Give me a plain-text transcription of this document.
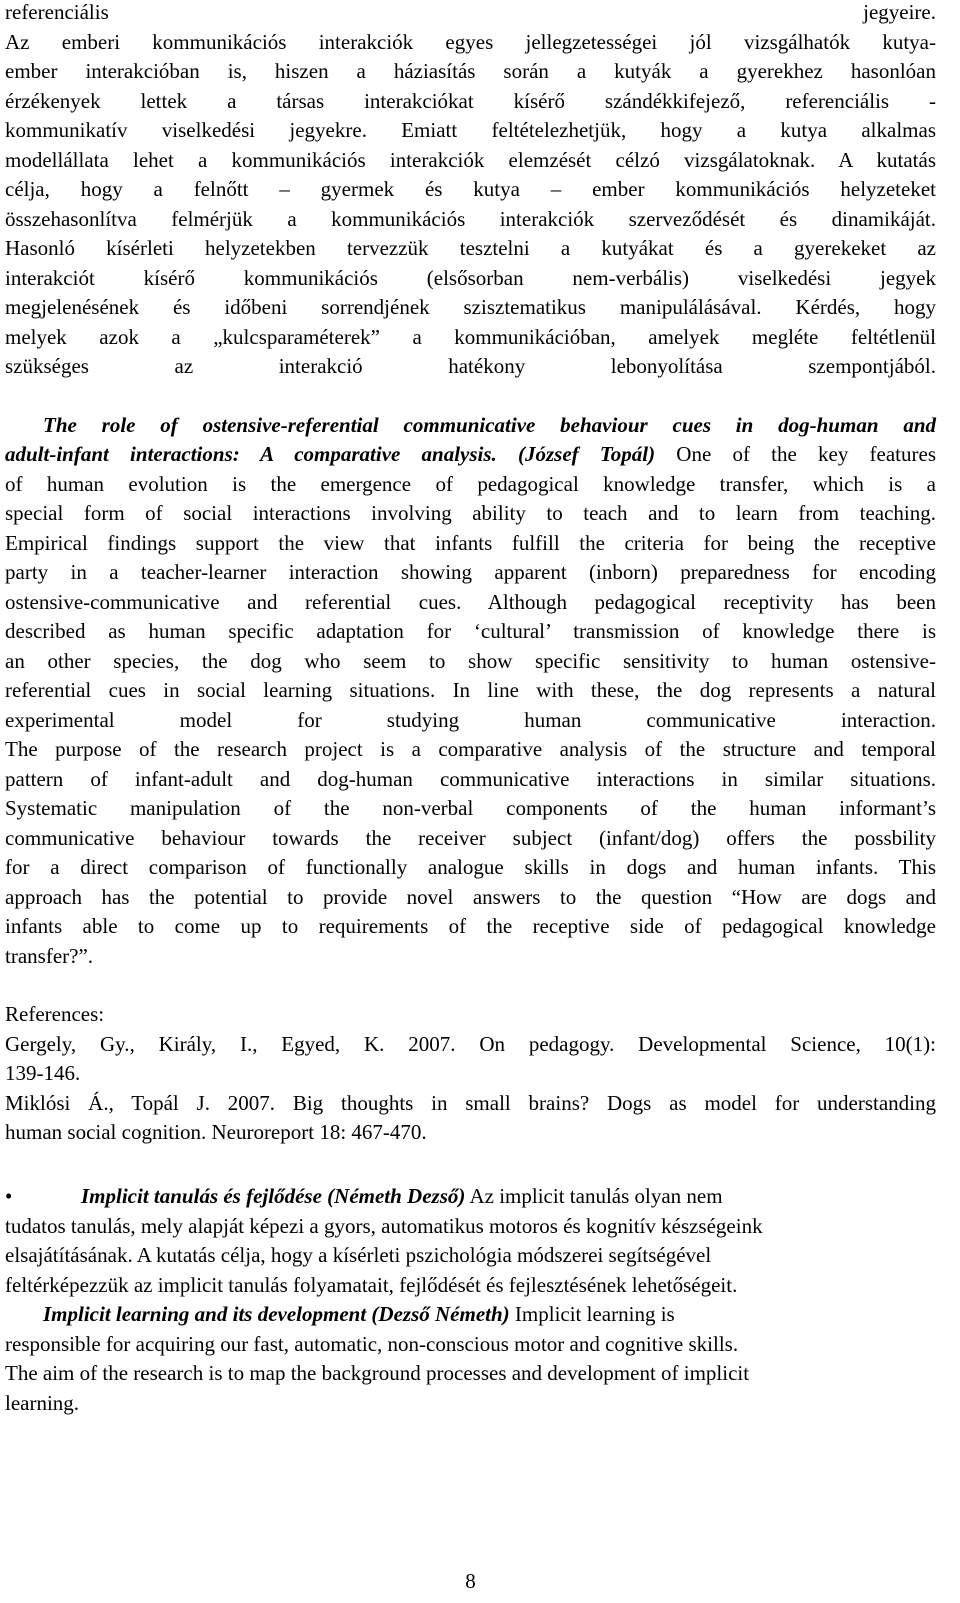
referenciális jegyeire.
Az emberi kommunikációs interakciók egyes jellegzetességei jól vizsgálhatók kutya-
ember interakcióban is, hiszen a háziasítás során a kutyák a gyerekhez hasonlóan
érzékenyek lettek a társas interakciókat kísérő szándékkifejező, referenciális -
kommunikatív viselkedési jegyekre. Emiatt feltételezhetjük, hogy a kutya alkalmas
modellállata lehet a kommunikációs interakciók elemzését célzó vizsgálatoknak. A kutatás
célja, hogy a felnőtt – gyermek és kutya – ember kommunikációs helyzeteket
összehasonlítva felmérjük a kommunikációs interakciók szerveződését és dinamikáját.
Hasonló kísérleti helyzetekben tervezzük tesztelni a kutyákat és a gyerekeket az
interakciót kísérő kommunikációs (elsősorban nem-verbális) viselkedési jegyek
megjelenésének és időbeni sorrendjének szisztematikus manipulálásával. Kérdés, hogy
melyek azok a „kulcsparaméterek” a kommunikációban, amelyek megléte feltétlenül
szükséges az interakció hatékony lebonyolítása szempontjából.
The role of ostensive-referential communicative behaviour cues in dog-human and
adult-infant interactions: A comparative analysis. (József Topál) One of the key features
of human evolution is the emergence of pedagogical knowledge transfer, which is a
special form of social interactions involving ability to teach and to learn from teaching.
Empirical findings support the view that infants fulfill the criteria for being the receptive
party in a teacher-learner interaction showing apparent (inborn) preparedness for encoding
ostensive-communicative and referential cues. Although pedagogical receptivity has been
described as human specific adaptation for ‘cultural’ transmission of knowledge there is
an other species, the dog who seem to show specific sensitivity to human ostensive-
referential cues in social learning situations. In line with these, the dog represents a natural
experimental model for studying human communicative interaction.
The purpose of the research project is a comparative analysis of the structure and temporal
pattern of infant-adult and dog-human communicative interactions in similar situations.
Systematic manipulation of the non-verbal components of the human informant’s
communicative behaviour towards the receiver subject (infant/dog) offers the possbility
for a direct comparison of functionally analogue skills in dogs and human infants. This
approach has the potential to provide novel answers to the question “How are dogs and
infants able to come up to requirements of the receptive side of pedagogical knowledge
transfer?”.
References:
Gergely, Gy., Király, I., Egyed, K. 2007. On pedagogy. Developmental Science, 10(1):
139-146.
Miklósi Á., Topál J. 2007. Big thoughts in small brains? Dogs as model for understanding
human social cognition. Neuroreport 18: 467-470.
•	Implicit tanulás és fejlődése (Németh Dezső) Az implicit tanulás olyan nem
tudatos tanulás, mely alapját képezi a gyors, automatikus motoros és kognitív készségeink
elsajátításának. A kutatás célja, hogy a kísérleti pszichológia módszerei segítségével
feltérképezzük az implicit tanulás folyamatait, fejlődését és fejlesztésének lehetőségeit.
Implicit learning and its development (Dezső Németh) Implicit learning is
responsible for acquiring our fast, automatic, non-conscious motor and cognitive skills.
The aim of the research is to map the background processes and development of implicit
learning.
8
